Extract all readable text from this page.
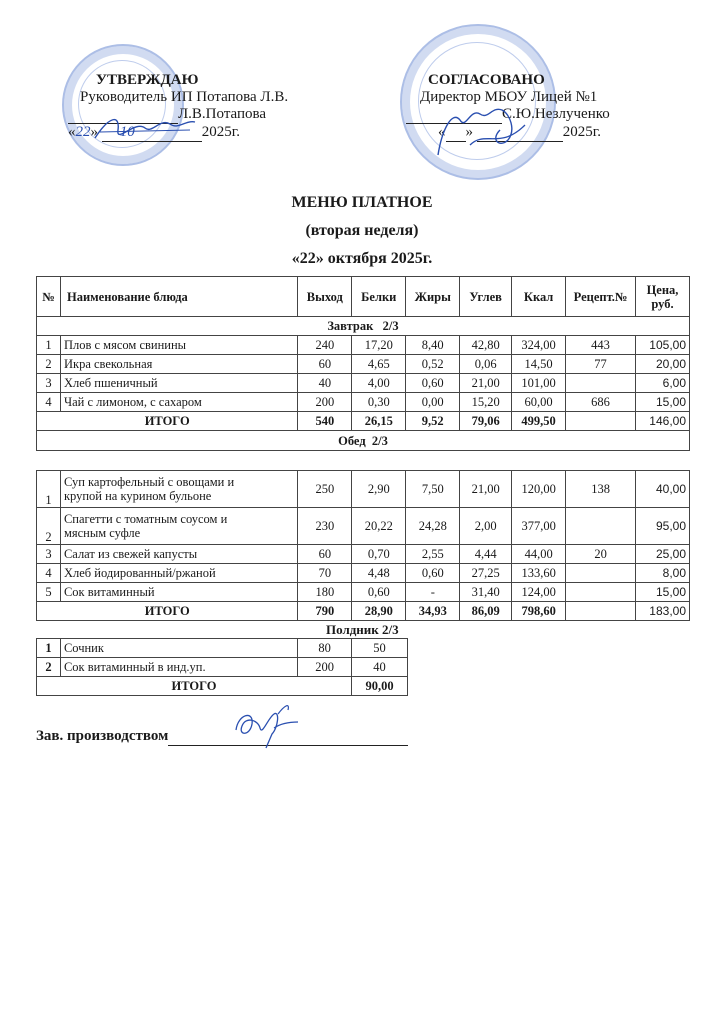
УТВЕРЖДАЮ
Руководитель ИП Потапова Л.В.
Л.В.Потапова
«22» 10	2025г.
СОГЛАСОВАНО
Директор МБОУ Лицей №1
С.Ю.Незлученко
« »	2025г.
МЕНЮ ПЛАТНОЕ
(вторая неделя)
«22» октября 2025г.
№	Наименование блюда	Выход	Белки	Жиры	Углев	Ккал	Рецепт.№	Цена,
руб.
Завтрак   2/3								
1	Плов с мясом свинины	240	17,20	8,40	42,80	324,00	443	105,00
2	Икра свекольная	60	4,65	0,52	0,06	14,50	77	20,00
3	Хлеб пшеничный	40	4,00	0,60	21,00	101,00		6,00
4	Чай с лимоном, с сахаром	200	0,30	0,00	15,20	60,00	686	15,00
ИТОГО		540	26,15	9,52	79,06	499,50		146,00
Обед  2/3								
1	Суп картофельный с овощами и
крупой на курином бульоне	250	2,90	7,50	21,00	120,00	138	40,00
2	Спагетти с томатным соусом и
мясным суфле	230	20,22	24,28	2,00	377,00		95,00
3	Салат из свежей капусты	60	0,70	2,55	4,44	44,00	20	25,00
4	Хлеб йодированный/ржаной	70	4,48	0,60	27,25	133,60		8,00
5	Сок витаминный	180	0,60	-	31,40	124,00		15,00
ИТОГО		790	28,90	34,93	86,09	798,60		183,00
Полдник 2/3
1	Сочник	80	50
2	Сок витаминный в инд.уп.	200	40
ИТОГО			90,00
Зав. производством
